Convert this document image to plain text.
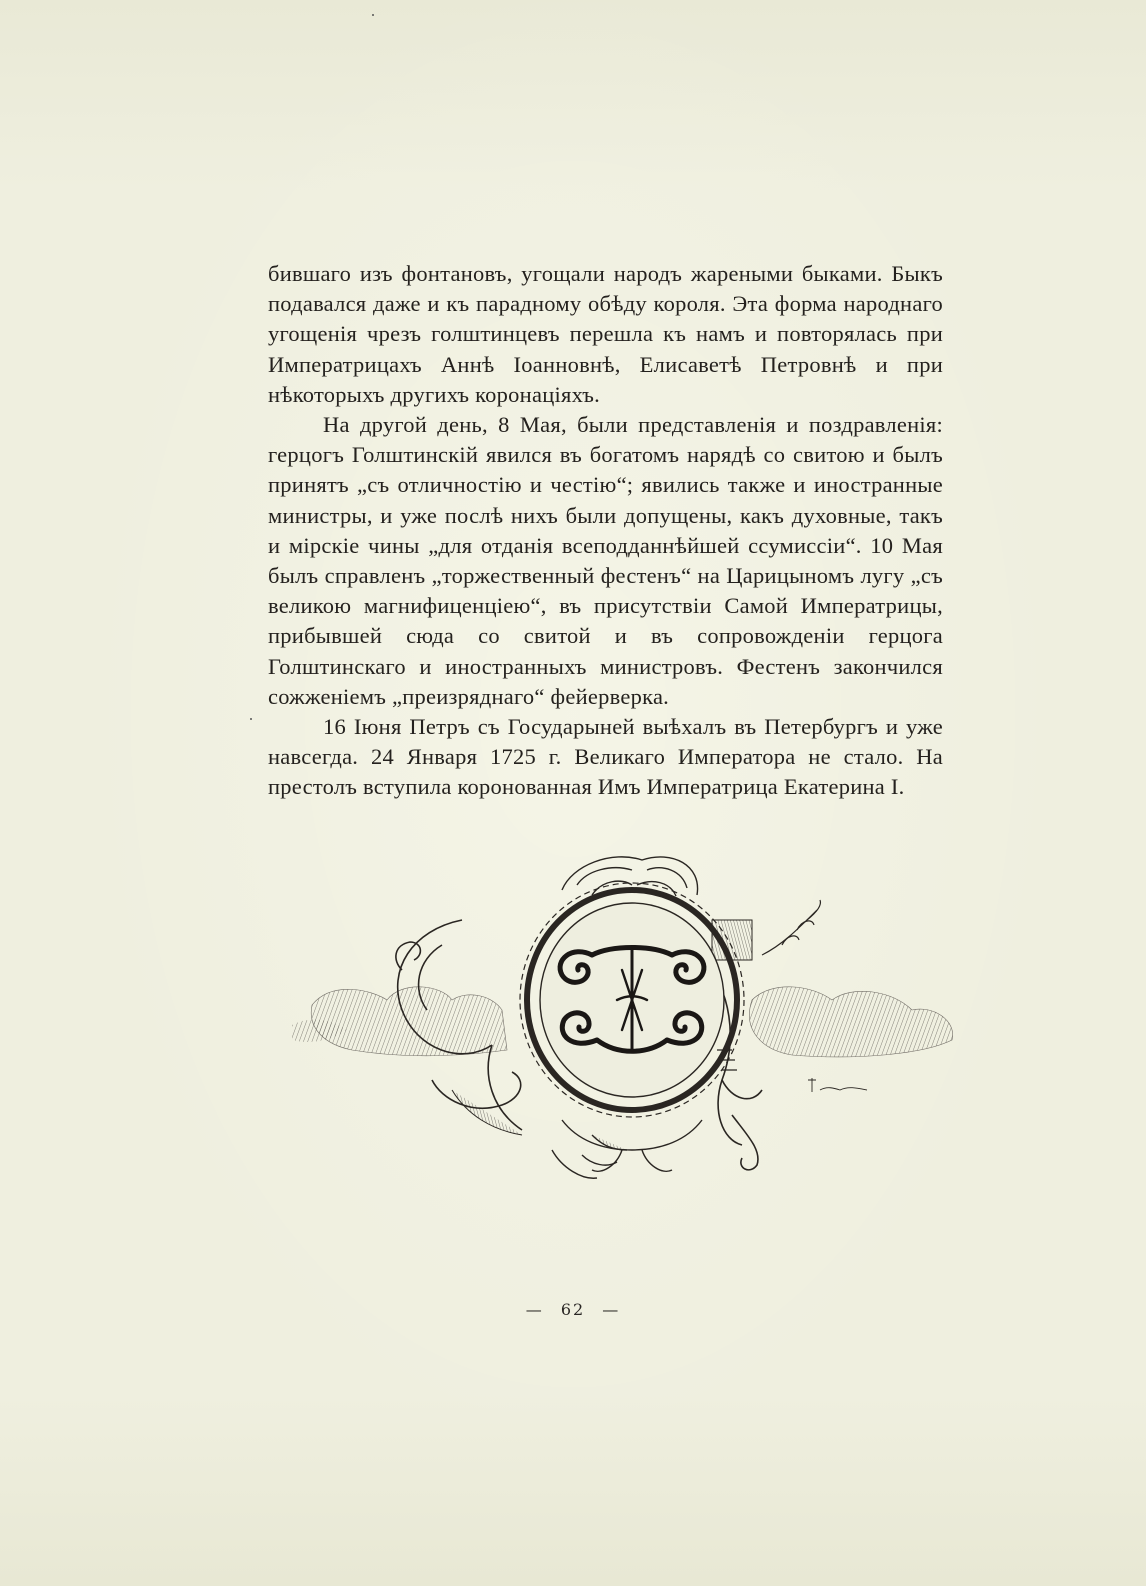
бившаго изъ фонтановъ, угощали народъ жареными быками. Быкъ подавался даже и къ парадному обѣду короля. Эта форма народнаго угощенія чрезъ голштинцевъ перешла къ намъ и повторялась при Императрицахъ Аннѣ Іоанновнѣ, Елисаветѣ Петровнѣ и при нѣкоторыхъ другихъ коронаціяхъ.

На другой день, 8 Мая, были представленія и поздравленія: герцогъ Голштинскій явился въ богатомъ нарядѣ со свитою и былъ принятъ „съ отличностію и честію“; явились также и иностранные министры, и уже послѣ нихъ были допущены, какъ духовные, такъ и мірскіе чины „для отданія всеподданнѣйшей ссумиссіи“. 10 Мая былъ справленъ „торжественный фестенъ“ на Царицыномъ лугу „съ великою магнифиценціею“, въ присутствіи Самой Императрицы, прибывшей сюда со свитой и въ сопровожденіи герцога Голштинскаго и иностранныхъ министровъ. Фестенъ закончился сожженіемъ „преизряднаго“ фейерверка.

16 Іюня Петръ съ Государыней выѣхалъ въ Петербургъ и уже навсегда. 24 Января 1725 г. Великаго Императора не стало. На престолъ вступила коронованная Имъ Императрица Екатерина I.

— 62 —
